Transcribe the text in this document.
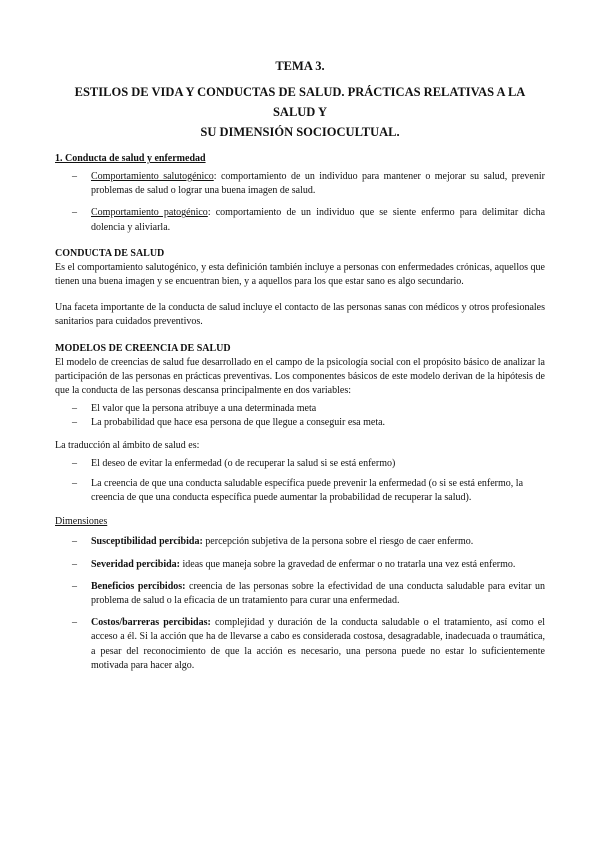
TEMA 3.
ESTILOS DE VIDA Y CONDUCTAS DE SALUD. PRÁCTICAS RELATIVAS A LA SALUD Y
SU DIMENSIÓN SOCIOCULTUAL.

1. Conducta de salud y enfermedad

– Comportamiento salutogénico: comportamiento de un individuo para mantener o mejorar su salud, prevenir problemas de salud o lograr una buena imagen de salud.
– Comportamiento patogénico: comportamiento de un individuo que se siente enfermo para delimitar dicha dolencia y aliviarla.

CONDUCTA DE SALUD

Es el comportamiento salutogénico, y esta definición también incluye a personas con enfermedades crónicas, aquellos que tienen una buena imagen y se encuentran bien, y a aquellos para los que estar sano es algo secundario.

Una faceta importante de la conducta de salud incluye el contacto de las personas sanas con médicos y otros profesionales sanitarios para cuidados preventivos.

MODELOS DE CREENCIA DE SALUD

El modelo de creencias de salud fue desarrollado en el campo de la psicología social con el propósito básico de analizar la participación de las personas en prácticas preventivas. Los componentes básicos de este modelo derivan de la hipótesis de que la conducta de las personas descansa principalmente en dos variables:

– El valor que la persona atribuye a una determinada meta
– La probabilidad que hace esa persona de que llegue a conseguir esa meta.

La traducción al ámbito de salud es:

– El deseo de evitar la enfermedad (o de recuperar la salud si se está enfermo)
– La creencia de que una conducta saludable específica puede prevenir la enfermedad (o si se está enfermo, la creencia de que una conducta específica puede aumentar la probabilidad de recuperar la salud).

Dimensiones

– Susceptibilidad percibida: percepción subjetiva de la persona sobre el riesgo de caer enfermo.
– Severidad percibida: ideas que maneja sobre la gravedad de enfermar o no tratarla una vez está enfermo.
– Beneficios percibidos: creencia de las personas sobre la efectividad de una conducta saludable para evitar un problema de salud o la eficacia de un tratamiento para curar una enfermedad.
– Costos/barreras percibidas: complejidad y duración de la conducta saludable o el tratamiento, así como el acceso a él. Si la acción que ha de llevarse a cabo es considerada costosa, desagradable, inadecuada o traumática, a pesar del reconocimiento de que la acción es necesario, una persona puede no estar lo suficientemente motivada para hacer algo.
